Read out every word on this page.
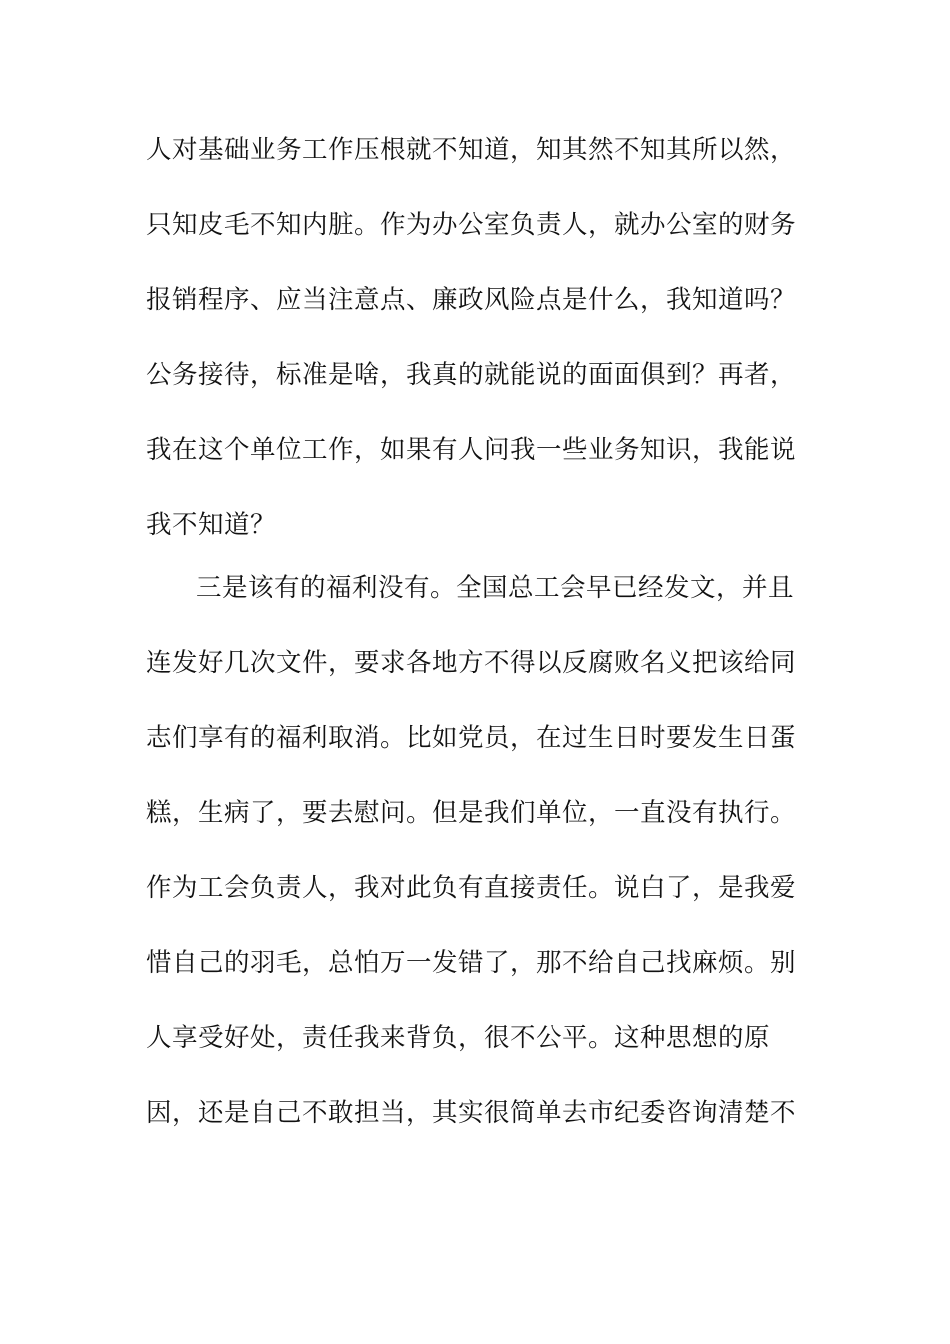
人对基础业务工作压根就不知道，知其然不知其所以然，
只知皮毛不知内脏。作为办公室负责人，就办公室的财务
报销程序、应当注意点、廉政风险点是什么，我知道吗？
公务接待，标准是啥，我真的就能说的面面俱到？再者，
我在这个单位工作，如果有人问我一些业务知识，我能说
我不知道？
三是该有的福利没有。全国总工会早已经发文，并且
连发好几次文件，要求各地方不得以反腐败名义把该给同
志们享有的福利取消。比如党员，在过生日时要发生日蛋
糕，生病了，要去慰问。但是我们单位，一直没有执行。
作为工会负责人，我对此负有直接责任。说白了，是我爱
惜自己的羽毛，总怕万一发错了，那不给自己找麻烦。别
人享受好处，责任我来背负，很不公平。这种思想的原
因，还是自己不敢担当，其实很简单去市纪委咨询清楚不
